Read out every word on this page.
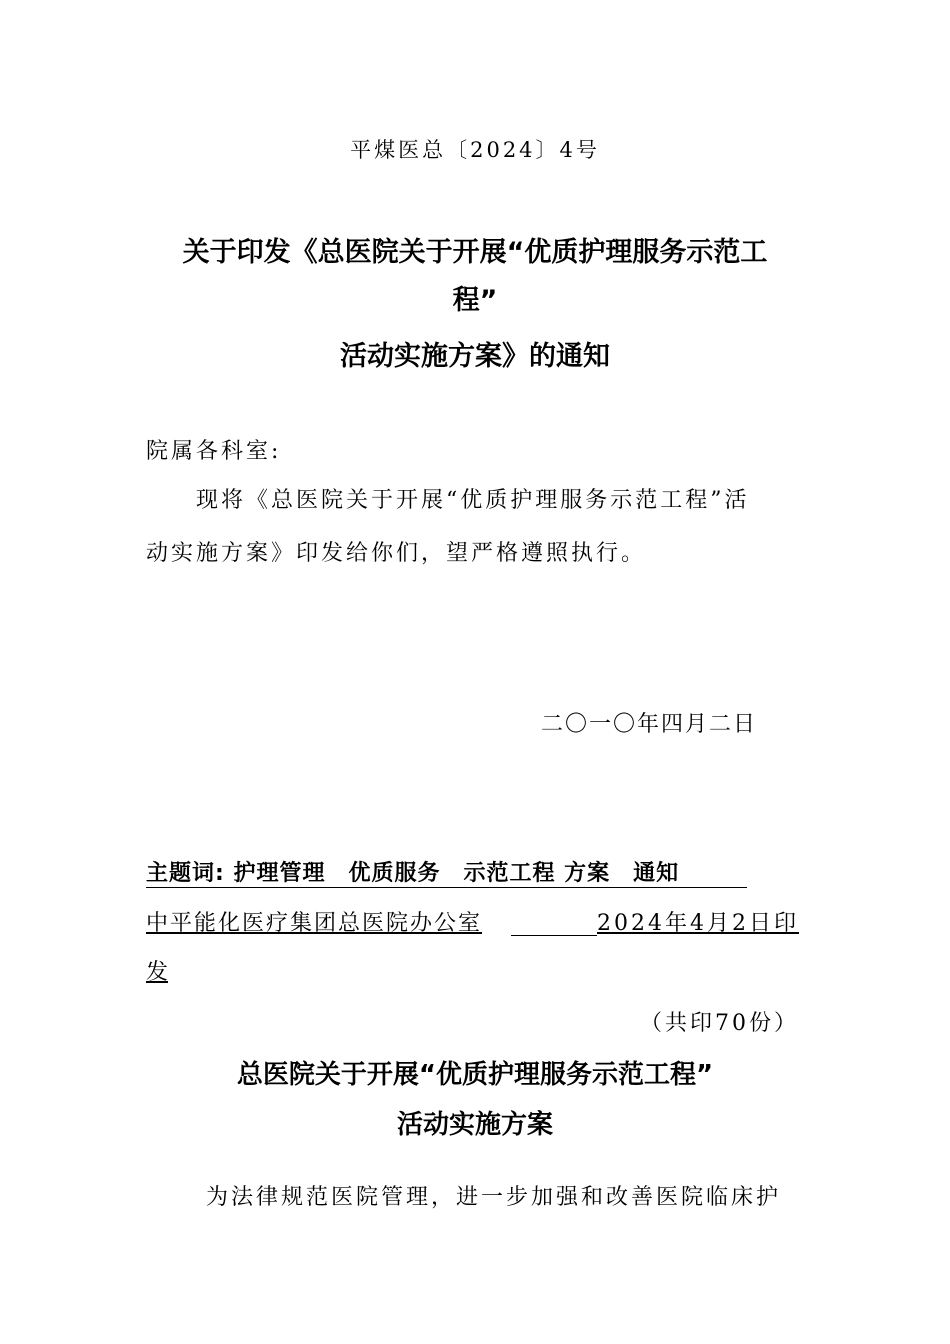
平煤医总〔2024〕4号
关于印发《总医院关于开展“优质护理服务示范工
程”
活动实施方案》的通知
院属各科室:
现将《总医院关于开展“优质护理服务示范工程”活
动实施方案》印发给你们，望严格遵照执行。
二〇一〇年四月二日
主题词: 护理管理　优质服务　示范工程 方案　通知
中平能化医疗集团总医院办公室	2024年4月2日印
发
（共印70份）
总医院关于开展“优质护理服务示范工程”
活动实施方案
为法律规范医院管理，进一步加强和改善医院临床护
